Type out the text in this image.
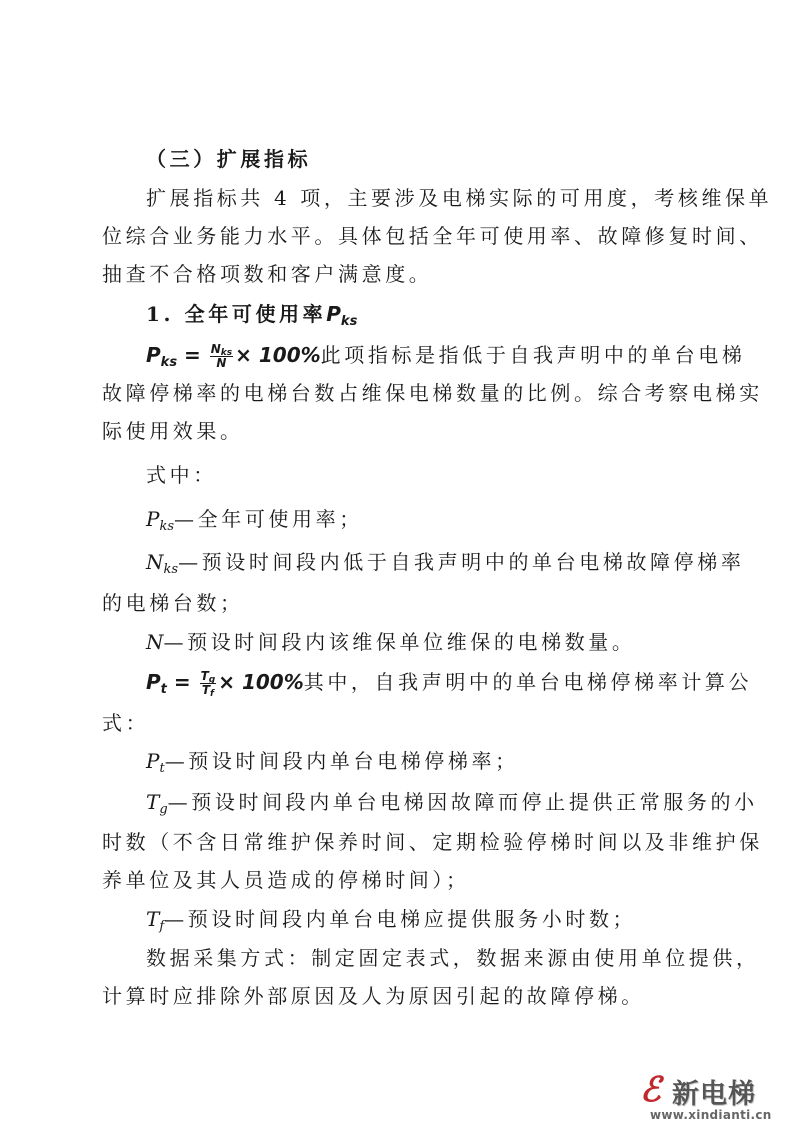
（三）扩展指标
扩展指标共 4 项，主要涉及电梯实际的可用度，考核维保单
位综合业务能力水平。具体包括全年可使用率、故障修复时间、
抽查不合格项数和客户满意度。
1. 全年可使用率$P_{ks}$
$P_{ks} = \frac{N_{ks}}{N} \times 100\%$此项指标是指低于自我声明中的单台电梯
故障停梯率的电梯台数占维保电梯数量的比例。综合考察电梯实
际使用效果。
式中：
$P_{ks}—$全年可使用率；
$N_{ks}—$预设时间段内低于自我声明中的单台电梯故障停梯率
的电梯台数；
N—预设时间段内该维保单位维保的电梯数量。
$P_t = \frac{T_g}{T_f} \times 100\%$其中，自我声明中的单台电梯停梯率计算公
式：
$P_t—$预设时间段内单台电梯停梯率；
$T_g—$预设时间段内单台电梯因故障而停止提供正常服务的小
时数（不含日常维护保养时间、定期检验停梯时间以及非维护保
养单位及其人员造成的停梯时间）；
$T_f—$预设时间段内单台电梯应提供服务小时数；
数据采集方式：制定固定表式，数据来源由使用单位提供，
计算时应排除外部原因及人为原因引起的故障停梯。
ℰ 新电梯
www.xindianti.cn
